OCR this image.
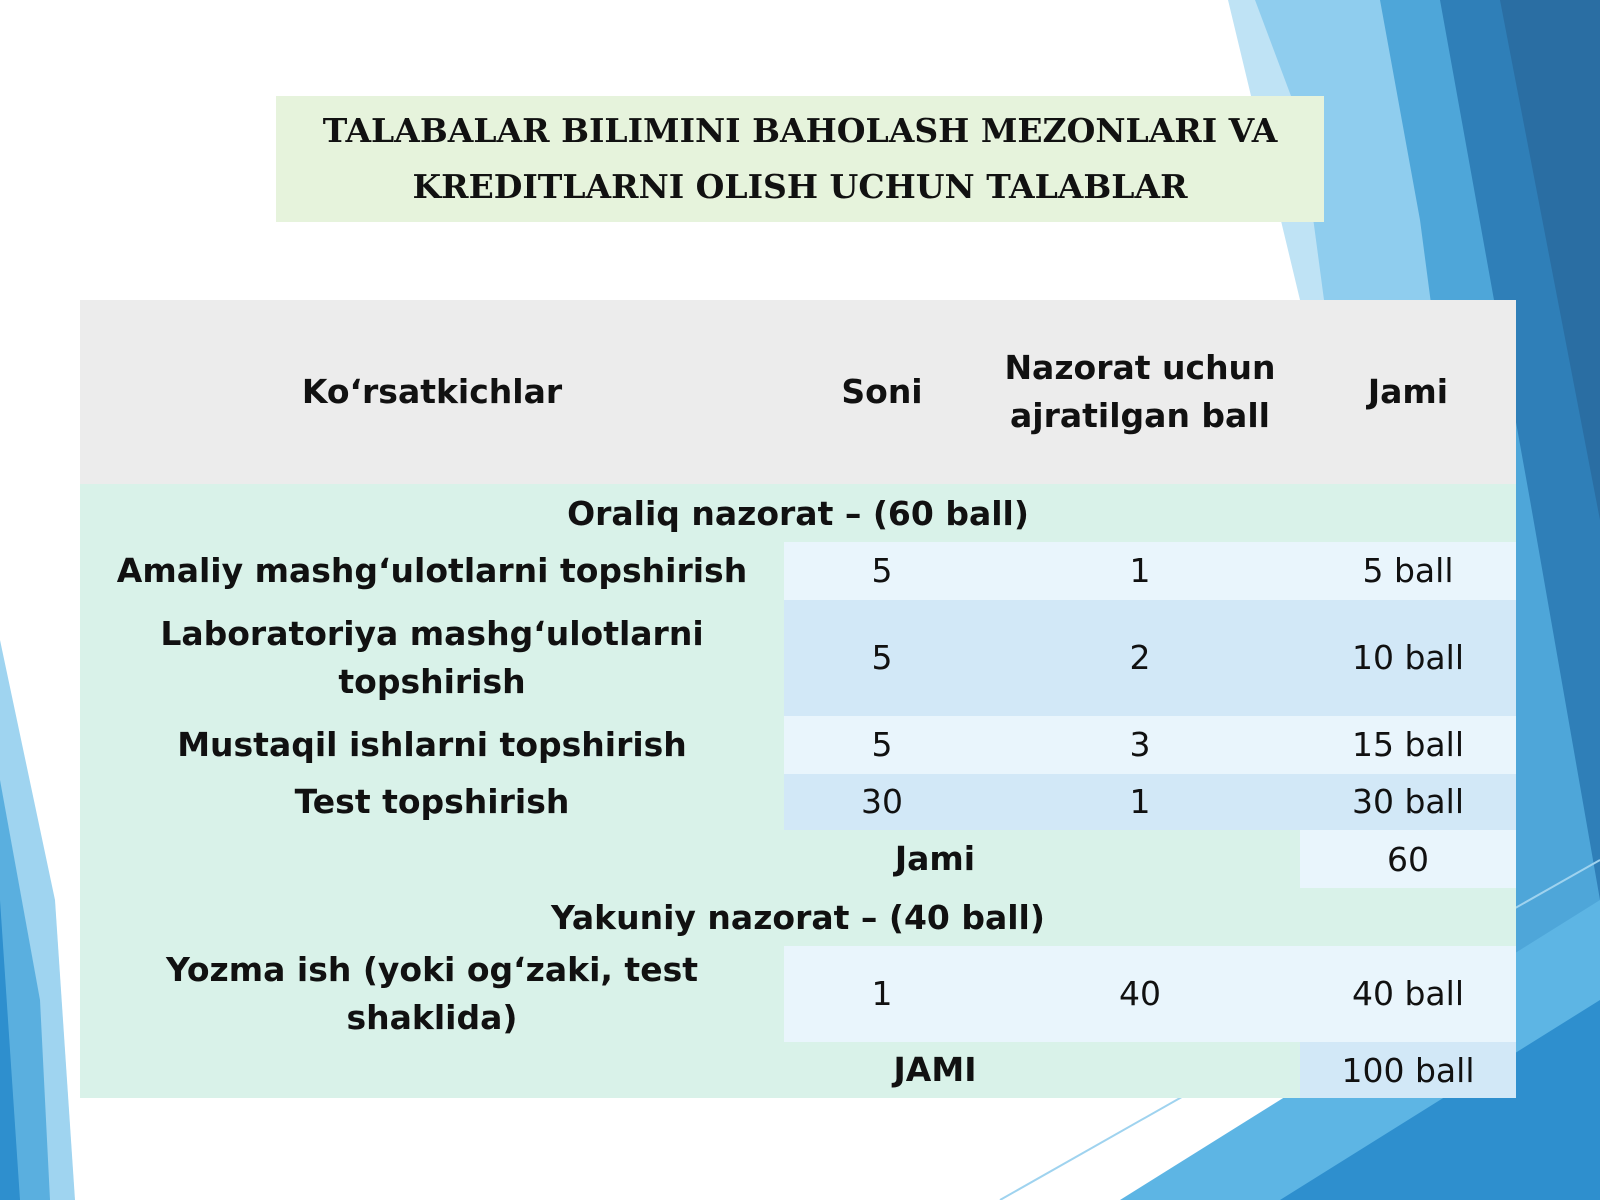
TALABALAR BILIMINI BAHOLASH MEZONLARI VA
KREDITLARNI OLISH UCHUN TALABLAR
Ko‘rsatkichlar	Soni	Nazorat uchun ajratilgan ball	Jami
Oraliq nazorat – (60 ball)			
Amaliy mashg‘ulotlarni topshirish	5	1	5 ball
Laboratoriya mashg‘ulotlarni topshirish	5	2	10 ball
Mustaqil ishlarni topshirish	5	3	15 ball
Test topshirish	30	1	30 ball
Jami			60
Yakuniy nazorat – (40 ball)			
Yozma ish (yoki og‘zaki, test shaklida)	1	40	40 ball
JAMI			100 ball
